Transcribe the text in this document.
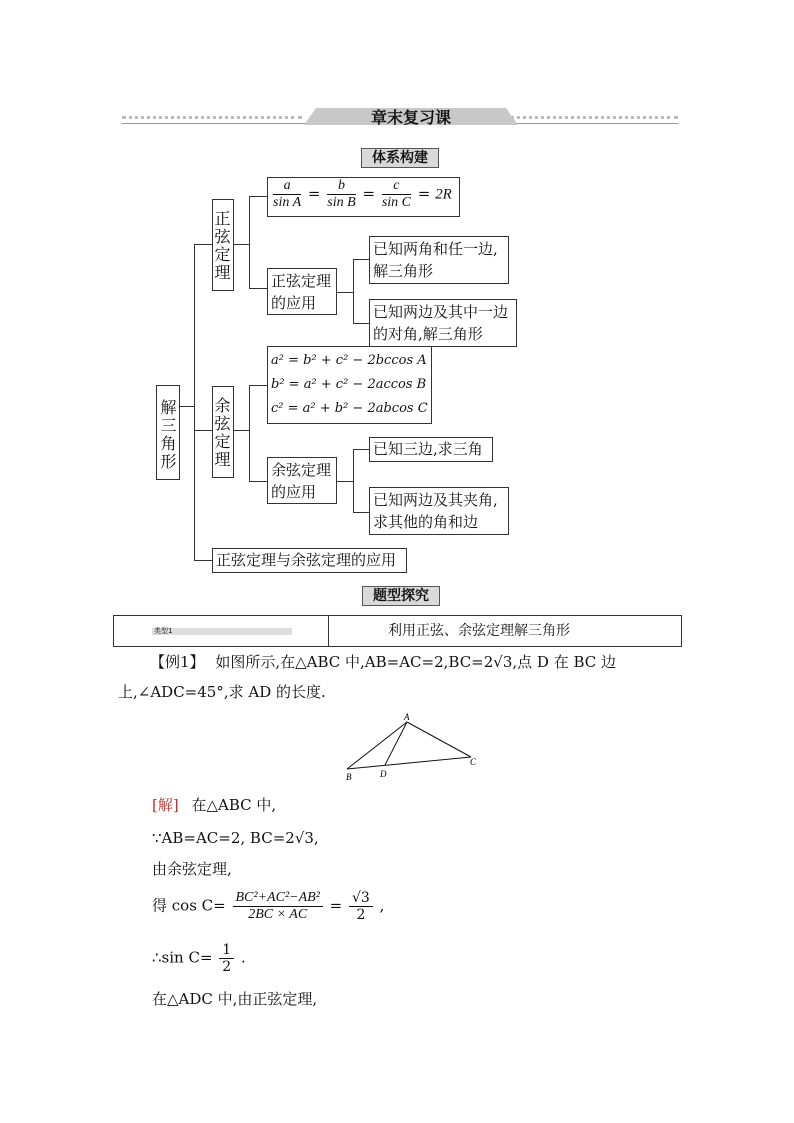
章末复习课
体系构建
解三角形
正弦定理
$\frac{a}{\text{sin A}} = \frac{b}{\text{sin B}} = \frac{c}{\text{sin C}} = 2R$
正弦定理的应用
已知两角和任一边,解三角形
已知两边及其中一边的对角,解三角形
余弦定理
a² = b² + c² − 2bccos A
b² = a² + c² − 2accos B
c² = a² + b² − 2abcos C
余弦定理的应用
已知三边,求三角
已知两边及其夹角,求其他的角和边
正弦定理与余弦定理的应用
题型探究
类型1	利用正弦、余弦定理解三角形
【例1】 如图所示,在△ABC 中,AB=AC=2,BC=2√3,点 D 在 BC 边
上,∠ADC=45°,求 AD 的长度.
A
B	D
C
[解] 在△ABC 中,
∵AB=AC=2, BC=2√3,
由余弦定理,
得 $\cos C= \frac{\text{BC²+AC²−AB²}}{2BC \times AC} = \frac{√3}{2}$ ,
∴sin $C= \frac{1}{2}$ .
在△ADC 中,由正弦定理,
